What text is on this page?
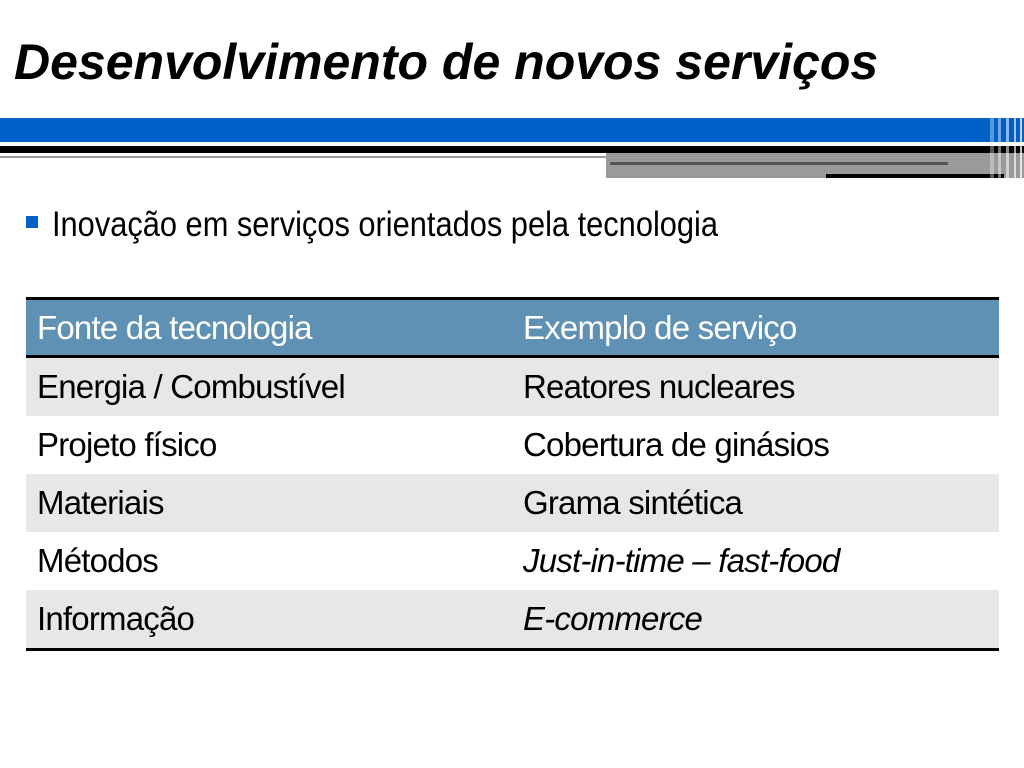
Desenvolvimento de novos serviços
Inovação em serviços orientados pela tecnologia
Fonte da tecnologia	Exemplo de serviço
Energia / Combustível	Reatores nucleares
Projeto físico	Cobertura de ginásios
Materiais	Grama sintética
Métodos	Just-in-time – fast-food
Informação	E-commerce
